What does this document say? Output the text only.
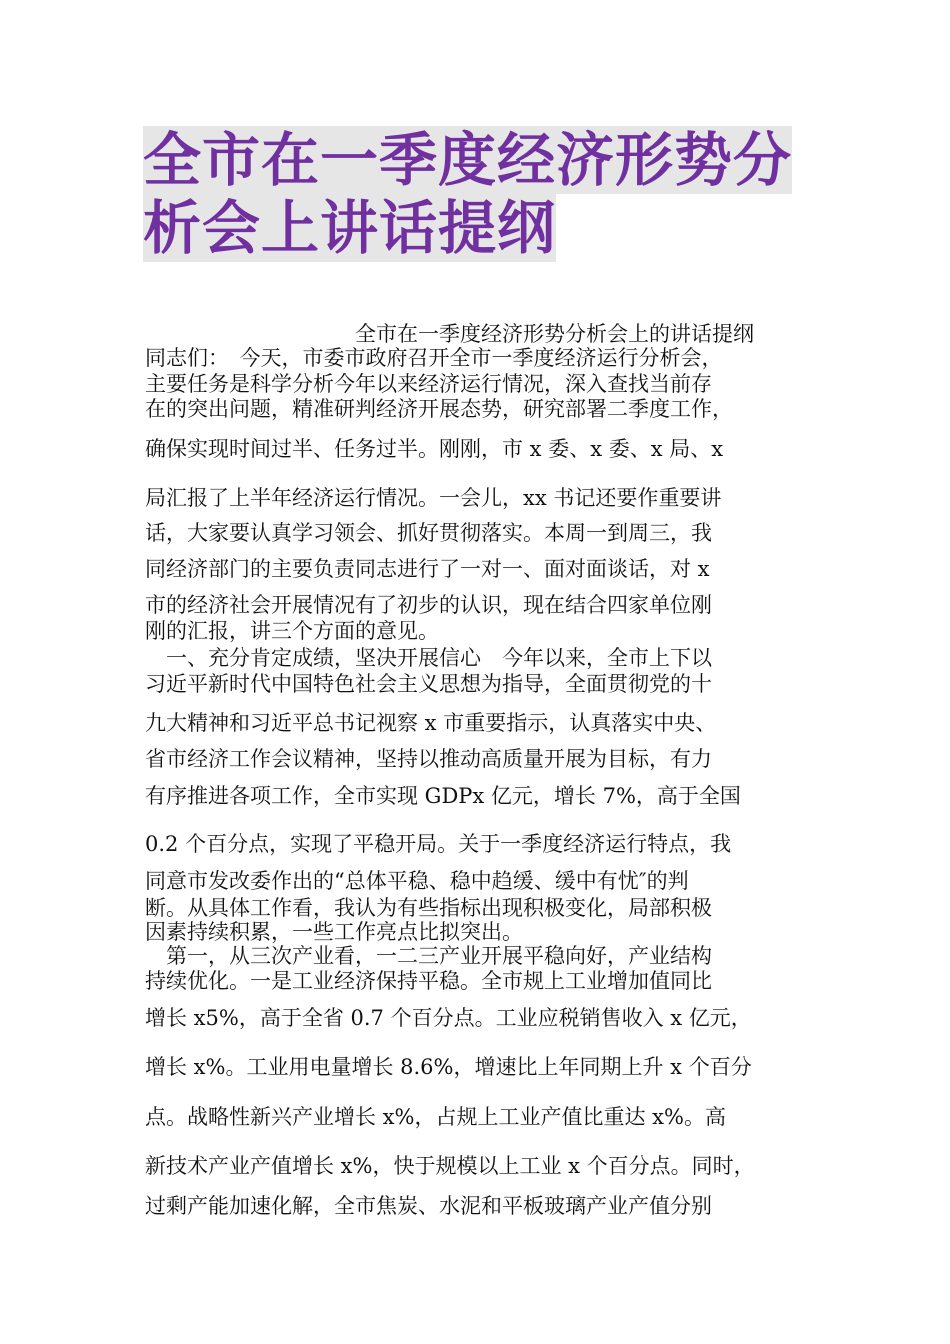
全市在一季度经济形势分
析会上讲话提纲
　　　　　　　　　　全市在一季度经济形势分析会上的讲话提纲
同志们：　今天，市委市政府召开全市一季度经济运行分析会，
主要任务是科学分析今年以来经济运行情况，深入查找当前存
在的突出问题，精准研判经济开展态势，研究部署二季度工作，
确保实现时间过半、任务过半。刚刚，市 x 委、x 委、x 局、x
局汇报了上半年经济运行情况。一会儿，xx 书记还要作重要讲
话，大家要认真学习领会、抓好贯彻落实。本周一到周三，我
同经济部门的主要负责同志进行了一对一、面对面谈话，对 x
市的经济社会开展情况有了初步的认识，现在结合四家单位刚
刚的汇报，讲三个方面的意见。
　一、充分肯定成绩，坚决开展信心　今年以来，全市上下以
习近平新时代中国特色社会主义思想为指导，全面贯彻党的十
九大精神和习近平总书记视察 x 市重要指示，认真落实中央、
省市经济工作会议精神，坚持以推动高质量开展为目标，有力
有序推进各项工作，全市实现 GDPx 亿元，增长 7%，高于全国
0.2 个百分点，实现了平稳开局。关于一季度经济运行特点，我
同意市发改委作出的“总体平稳、稳中趋缓、缓中有忧″的判
断。从具体工作看，我认为有些指标出现积极变化，局部积极
因素持续积累，一些工作亮点比拟突出。
　第一，从三次产业看，一二三产业开展平稳向好，产业结构
持续优化。一是工业经济保持平稳。全市规上工业增加值同比
增长 x5%，高于全省 0.7 个百分点。工业应税销售收入 x 亿元，
增长 x%。工业用电量增长 8.6%，增速比上年同期上升 x 个百分
点。战略性新兴产业增长 x%，占规上工业产值比重达 x%。高
新技术产业产值增长 x%，快于规模以上工业 x 个百分点。同时，
过剩产能加速化解，全市焦炭、水泥和平板玻璃产业产值分别
